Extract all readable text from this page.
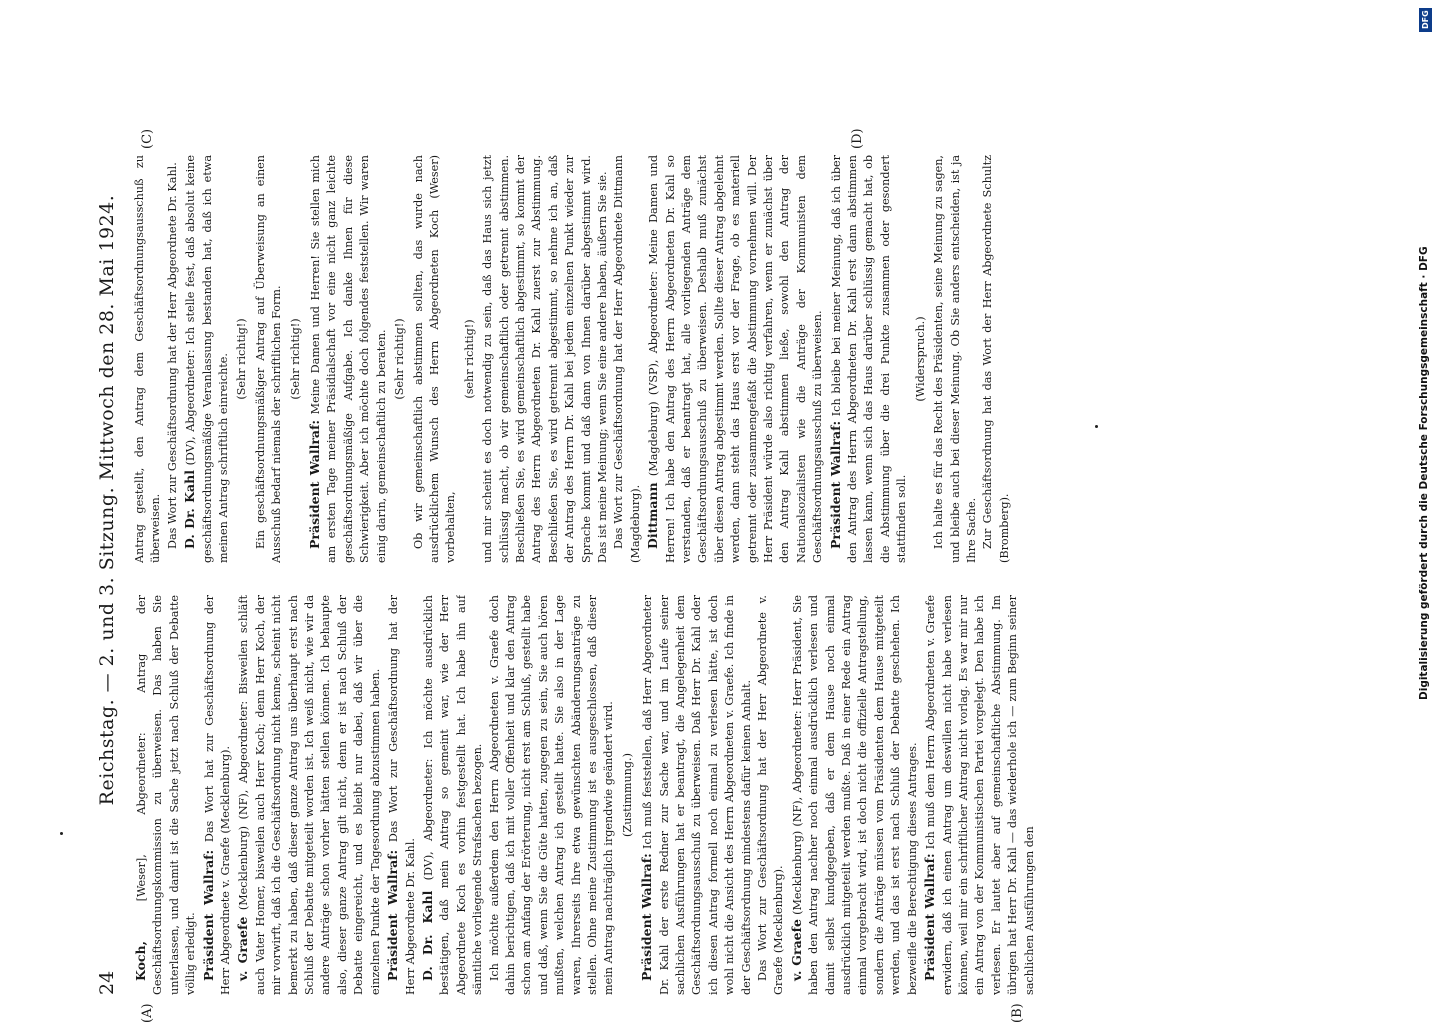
24
Reichstag. — 2. und 3. Sitzung. Mittwoch den 28. Mai 1924.

Koch, [Weser], Abgeordneter: Antrag der Geschäftsordnungskommission zu überweisen. Das haben Sie unterlassen, und damit ist die Sache jetzt nach Schluß der Debatte völlig erledigt. Präsident Wallraf: Das Wort hat zur Geschäftsordnung der Herr Abgeordnete v. Graefe (Mecklenburg). v. Graefe (Mecklenburg) (NF), Abgeordneter: Bisweilen schläft auch Vater Homer, bisweilen auch Herr Koch; denn Herr Koch, der mir vorwirft, daß ich die Geschäftsordnung nicht kenne, scheint nicht bemerkt zu haben, daß dieser ganze Antrag uns überhaupt erst nach Schluß der Debatte mitgeteilt worden ist. Ich weiß nicht, wie wir da andere Anträge schon vorher hätten stellen können. Ich behaupte also, dieser ganze Antrag gilt nicht, denn er ist nach Schluß der Debatte eingereicht, und es bleibt nur dabei, daß wir über die einzelnen Punkte der Tagesordnung abzustimmen haben. Präsident Wallraf: Das Wort zur Geschäftsordnung hat der Herr Abgeordnete Dr. Kahl. D. Dr. Kahl (DV), Abgeordneter: Ich möchte ausdrücklich bestätigen, daß mein Antrag so gemeint war, wie der Herr Abgeordnete Koch es vorhin festgestellt hat. Ich habe ihn auf sämtliche vorliegende Strafsachen bezogen. Ich möchte außerdem den Herrn Abgeordneten v. Graefe doch dahin berichtigen, daß ich mit voller Offenheit und klar den Antrag schon am Anfang der Erörterung, nicht erst am Schluß, gestellt habe und daß, wenn Sie die Güte hatten, zugegen zu sein, Sie auch hören mußten, welchen Antrag ich gestellt hatte. Sie also in der Lage waren, Ihrerseits Ihre etwa gewünschten Abänderungsanträge zu stellen. Ohne meine Zustimmung ist es ausgeschlossen, daß dieser mein Antrag nachträglich irgendwie geändert wird. (Zustimmung.)

Präsident Wallraf: Ich muß feststellen, daß Herr Abgeordneter Dr. Kahl der erste Redner zur Sache war, und im Laufe seiner sachlichen Ausführungen hat er beantragt, die Angelegenheit dem Geschäftsordnungsausschuß zu überweisen. Daß Herr Dr. Kahl oder ich diesen Antrag formell noch einmal zu verlesen hätte, ist doch wohl nicht die Ansicht des Herrn Abgeordneten v. Graefe. Ich finde in der Geschäftsordnung mindestens dafür keinen Anhalt. Das Wort zur Geschäftsordnung hat der Herr Abgeordnete v. Graefe (Mecklenburg). v. Graefe (Mecklenburg) (NF), Abgeordneter: Herr Präsident, Sie haben den Antrag nachher noch einmal ausdrücklich verlesen und damit selbst kundgegeben, daß er dem Hause noch einmal ausdrücklich mitgeteilt werden mußte. Daß in einer Rede ein Antrag einmal vorgebracht wird, ist doch nicht die offizielle Antragstellung, sondern die Anträge müssen vom Präsidenten dem Hause mitgeteilt werden, und das ist erst nach Schluß der Debatte geschehen. Ich bezweifle die Berechtigung dieses Antrages. Präsident Wallraf: Ich muß dem Herrn Abgeordneten v. Graefe erwidern, daß ich einen Antrag um deswillen nicht habe verlesen können, weil mir ein schriftlicher Antrag nicht vorlag. Es war mir nur ein Antrag von der Kommunistischen Partei vorgelegt. Den habe ich verlesen. Er lautet aber auf gemeinschaftliche Abstimmung. Im übrigen hat Herr Dr. Kahl — das wiederhole ich — zum Beginn seiner sachlichen Ausführungen den

Antrag gestellt, den Antrag dem Geschäftsordnungsausschuß zu überweisen. Das Wort zur Geschäftsordnung hat der Herr Abgeordnete Dr. Kahl. D. Dr. Kahl (DV), Abgeordneter: Ich stelle fest, daß absolut keine geschäftsordnungsmäßige Veranlassung bestanden hat, daß ich etwa meinen Antrag schriftlich einreichte. (Sehr richtig!) Ein geschäftsordnungsmäßiger Antrag auf Überweisung an einen Ausschuß bedarf niemals der schriftlichen Form. (Sehr richtig!)

Präsident Wallraf: Meine Damen und Herren! Sie stellen mich am ersten Tage meiner Präsidialschaft vor eine nicht ganz leichte geschäftsordnungsmäßige Aufgabe. Ich danke Ihnen für diese Schwierigkeit. Aber ich möchte doch folgendes feststellen. Wir waren einig darin, gemeinschaftlich zu beraten. (Sehr richtig!) Ob wir gemeinschaftlich abstimmen sollten, das wurde nach ausdrücklichem Wunsch des Herrn Abgeordneten Koch (Weser) vorbehalten,

(sehr richtig!) und mir scheint es doch notwendig zu sein, daß das Haus sich jetzt schlüssig macht, ob wir gemeinschaftlich oder getrennt abstimmen. Beschließen Sie, es wird gemeinschaftlich abgestimmt, so kommt der Antrag des Herrn Abgeordneten Dr. Kahl zuerst zur Abstimmung. Beschließen Sie, es wird getrennt abgestimmt, so nehme ich an, daß der Antrag des Herrn Dr. Kahl bei jedem einzelnen Punkt wieder zur Sprache kommt und daß dann von Ihnen darüber abgestimmt wird. Das ist meine Meinung; wenn Sie eine andere haben, äußern Sie sie. Das Wort zur Geschäftsordnung hat der Herr Abgeordnete Dittmann (Magdeburg). Dittmann (Magdeburg) (VSP), Abgeordneter: Meine Damen und Herren! Ich habe den Antrag des Herrn Abgeordneten Dr. Kahl so verstanden, daß er beantragt hat, alle vorliegenden Anträge dem Geschäftsordnungsausschuß zu überweisen. Deshalb muß zunächst über diesen Antrag abgestimmt werden. Sollte dieser Antrag abgelehnt werden, dann steht das Haus erst vor der Frage, ob es materiell getrennt oder zusammengefaßt die Abstimmung vornehmen will. Der Herr Präsident würde also richtig verfahren, wenn er zunächst über den Antrag Kahl abstimmen ließe, sowohl den Antrag der Nationalsozialisten wie die Anträge der Kommunisten dem Geschäftsordnungsausschuß zu überweisen. Präsident Wallraf: Ich bleibe bei meiner Meinung, daß ich über den Antrag des Herrn Abgeordneten Dr. Kahl erst dann abstimmen lassen kann, wenn sich das Haus darüber schlüssig gemacht hat, ob die Abstimmung über die drei Punkte zusammen oder gesondert stattfinden soll.

(Widerspruch.) Ich halte es für das Recht des Präsidenten, seine Meinung zu sagen, und bleibe auch bei dieser Meinung. Ob Sie anders entscheiden, ist ja Ihre Sache. Zur Geschäftsordnung hat das Wort der Herr Abgeordnete Schultz (Bromberg).

(A)	(B)
(C)	(D)
DFG
Digitalisierung gefördert durch die Deutsche Forschungsgemeinschaft · DFG
